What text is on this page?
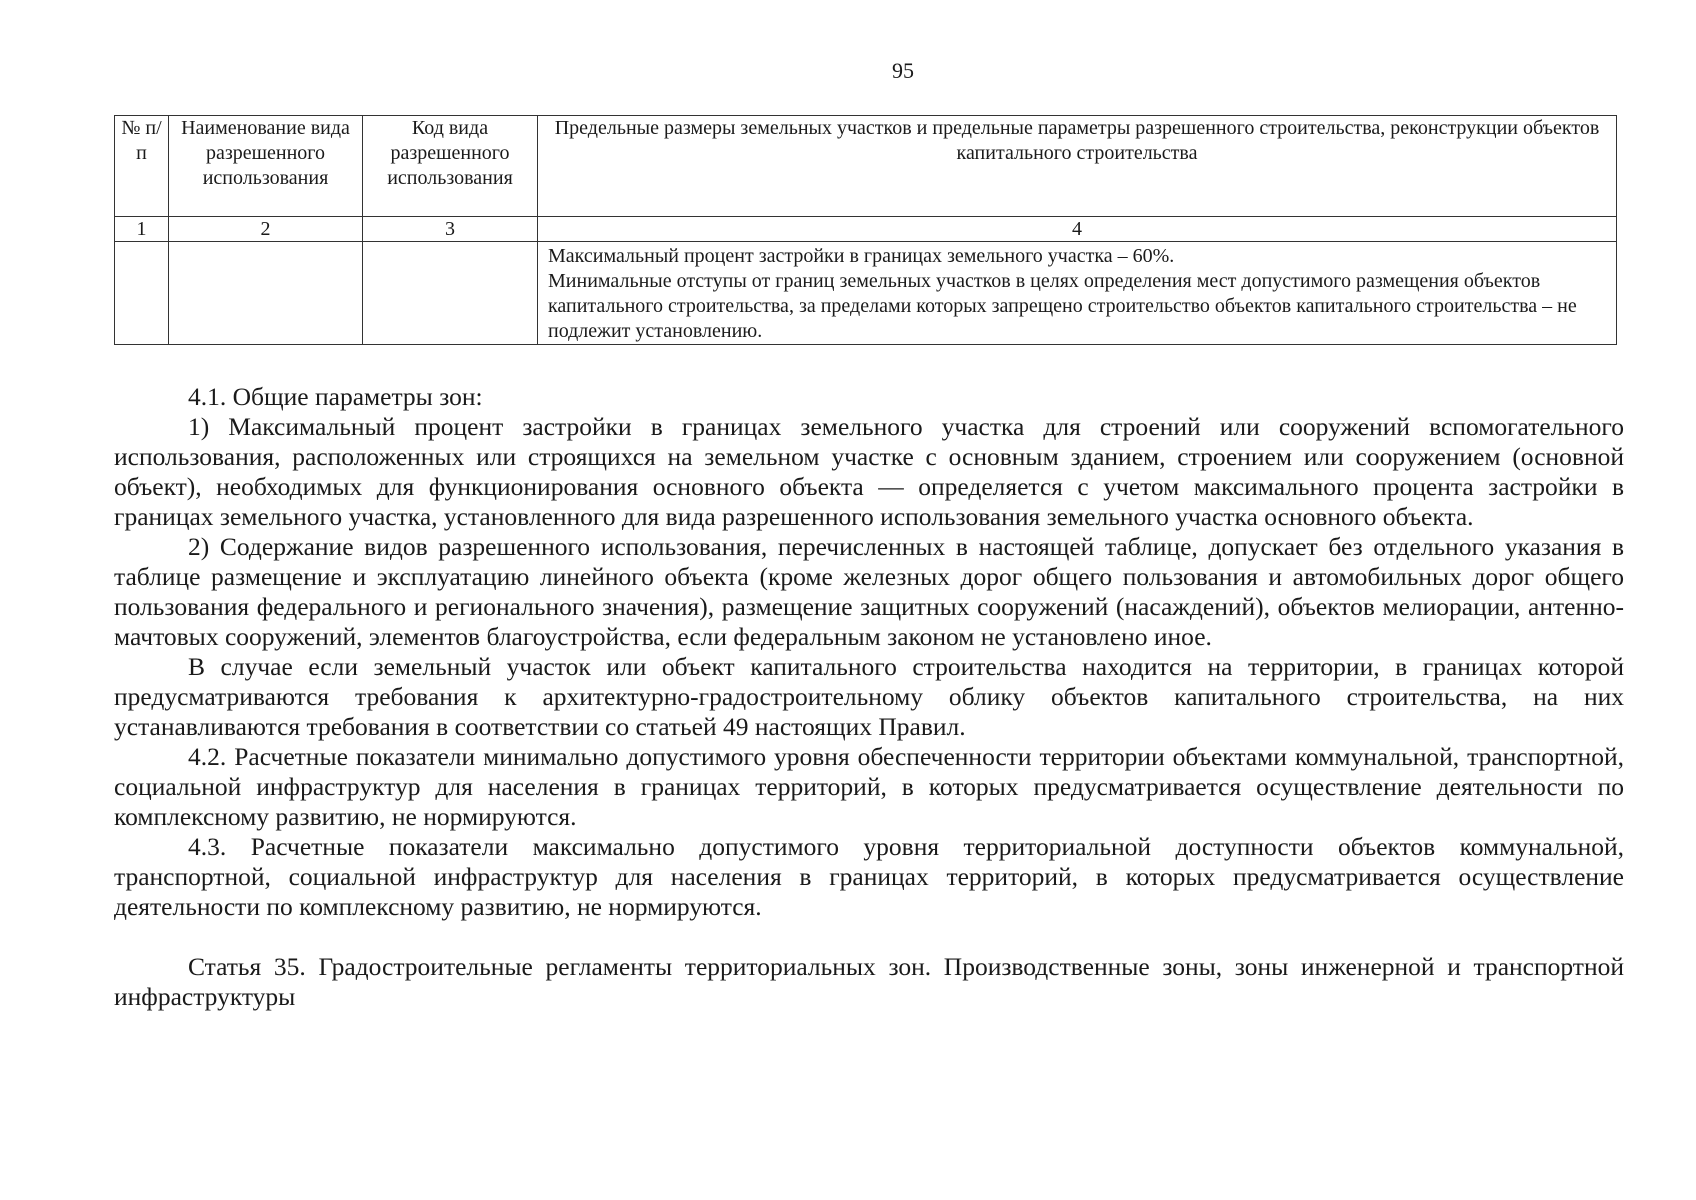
95
№ п/п	Наименование вида разрешенного использования	Код вида разрешенного использования	Предельные размеры земельных участков и предельные параметры разрешенного строительства, реконструкции объектов капитального строительства
1	2	3	4

			Максимальный процент застройки в границах земельного участка – 60%.
Минимальные отступы от границ земельных участков в целях определения мест допустимого размещения объектов капитального строительства, за пределами которых запрещено строительство объектов капитального строительства – не подлежит установлению.

4.1. Общие параметры зон:

1) Максимальный процент застройки в границах земельного участка для строений или сооружений вспомогательного использования, расположенных или строящихся на земельном участке с основным зданием, строением или сооружением (основной объект), необходимых для функционирования основного объекта — определяется с учетом максимального процента застройки в границах земельного участка, установленного для вида разрешенного использования земельного участка основного объекта.

2) Содержание видов разрешенного использования, перечисленных в настоящей таблице, допускает без отдельного указания в таблице размещение и эксплуатацию линейного объекта (кроме железных дорог общего пользования и автомобильных дорог общего пользования федерального и регионального значения), размещение защитных сооружений (насаждений), объектов мелиорации, антенно-мачтовых сооружений, элементов благоустройства, если федеральным законом не установлено иное.

В случае если земельный участок или объект капитального строительства находится на территории, в границах которой предусматриваются требования к архитектурно-градостроительному облику объектов капитального строительства, на них устанавливаются требования в соответствии со статьей 49 настоящих Правил.

4.2. Расчетные показатели минимально допустимого уровня обеспеченности территории объектами коммунальной, транспортной, социальной инфраструктур для населения в границах территорий, в которых предусматривается осуществление деятельности по комплексному развитию, не нормируются.

4.3. Расчетные показатели максимально допустимого уровня территориальной доступности объектов коммунальной, транспортной, социальной инфраструктур для населения в границах территорий, в которых предусматривается осуществление деятельности по комплексному развитию, не нормируются.

Статья 35. Градостроительные регламенты территориальных зон. Производственные зоны, зоны инженерной и транспортной инфраструктуры
